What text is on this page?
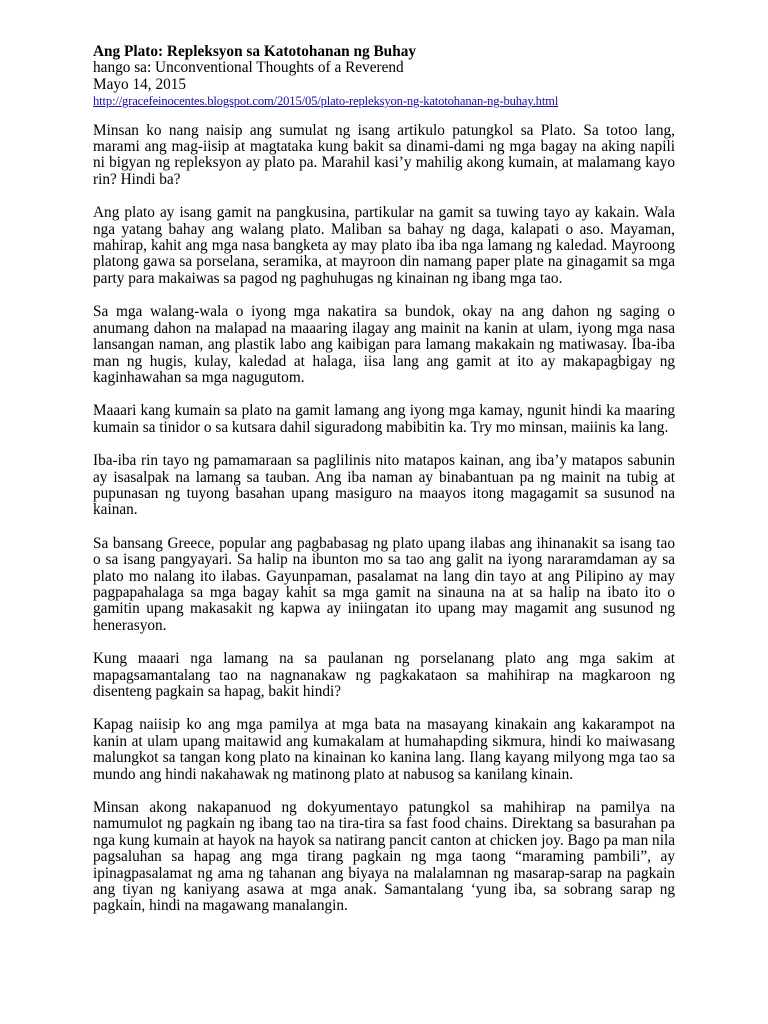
Ang Plato: Repleksyon sa Katotohanan ng Buhay
hango sa: Unconventional Thoughts of a Reverend
Mayo 14, 2015
http://gracefeinocentes.blogspot.com/2015/05/plato-repleksyon-ng-katotohanan-ng-buhay.html

Minsan ko nang naisip ang sumulat ng isang artikulo patungkol sa Plato. Sa totoo lang, marami ang mag-iisip at magtataka kung bakit sa dinami-dami ng mga bagay na aking napili ni bigyan ng repleksyon ay plato pa. Marahil kasi’y mahilig akong kumain, at malamang kayo rin? Hindi ba?

Ang plato ay isang gamit na pangkusina, partikular na gamit sa tuwing tayo ay kakain. Wala nga yatang bahay ang walang plato. Maliban sa bahay ng daga, kalapati o aso. Mayaman, mahirap, kahit ang mga nasa bangketa ay may plato iba iba nga lamang ng kaledad. Mayroong platong gawa sa porselana, seramika, at mayroon din namang paper plate na ginagamit sa mga party para makaiwas sa pagod ng paghuhugas ng kinainan ng ibang mga tao.

Sa mga walang-wala o iyong mga nakatira sa bundok, okay na ang dahon ng saging o anumang dahon na malapad na maaaring ilagay ang mainit na kanin at ulam, iyong mga nasa lansangan naman, ang plastik labo ang kaibigan para lamang makakain ng matiwasay. Iba-iba man ng hugis, kulay, kaledad at halaga, iisa lang ang gamit at ito ay makapagbigay ng kaginhawahan sa mga nagugutom.

Maaari kang kumain sa plato na gamit lamang ang iyong mga kamay, ngunit hindi ka maaring kumain sa tinidor o sa kutsara dahil siguradong mabibitin ka. Try mo minsan, maiinis ka lang.

Iba-iba rin tayo ng pamamaraan sa paglilinis nito matapos kainan, ang iba’y matapos sabunin ay isasalpak na lamang sa tauban. Ang iba naman ay binabantuan pa ng mainit na tubig at pupunasan ng tuyong basahan upang masiguro na maayos itong magagamit sa susunod na kainan.

Sa bansang Greece, popular ang pagbabasag ng plato upang ilabas ang ihinanakit sa isang tao o sa isang pangyayari. Sa halip na ibunton mo sa tao ang galit na iyong nararamdaman ay sa plato mo nalang ito ilabas. Gayunpaman, pasalamat na lang din tayo at ang Pilipino ay may pagpapahalaga sa mga bagay kahit sa mga gamit na sinauna na at sa halip na ibato ito o gamitin upang makasakit ng kapwa ay iniingatan ito upang may magamit ang susunod ng henerasyon.

Kung maaari nga lamang na sa paulanan ng porselanang plato ang mga sakim at mapagsamantalang tao na nagnanakaw ng pagkakataon sa mahihirap na magkaroon ng disenteng pagkain sa hapag, bakit hindi?

Kapag naiisip ko ang mga pamilya at mga bata na masayang kinakain ang kakarampot na kanin at ulam upang maitawid ang kumakalam at humahapding sikmura, hindi ko maiwasang malungkot sa tangan kong plato na kinainan ko kanina lang. Ilang kayang milyong mga tao sa mundo ang hindi nakahawak ng matinong plato at nabusog sa kanilang kinain.

Minsan akong nakapanuod ng dokyumentayo patungkol sa mahihirap na pamilya na namumulot ng pagkain ng ibang tao na tira-tira sa fast food chains. Direktang sa basurahan pa nga kung kumain at hayok na hayok sa natirang pancit canton at chicken joy. Bago pa man nila pagsaluhan sa hapag ang mga tirang pagkain ng mga taong “maraming pambili”, ay ipinagpasalamat ng ama ng tahanan ang biyaya na malalamnan ng masarap-sarap na pagkain ang tiyan ng kaniyang asawa at mga anak. Samantalang ‘yung iba, sa sobrang sarap ng pagkain, hindi na magawang manalangin.
